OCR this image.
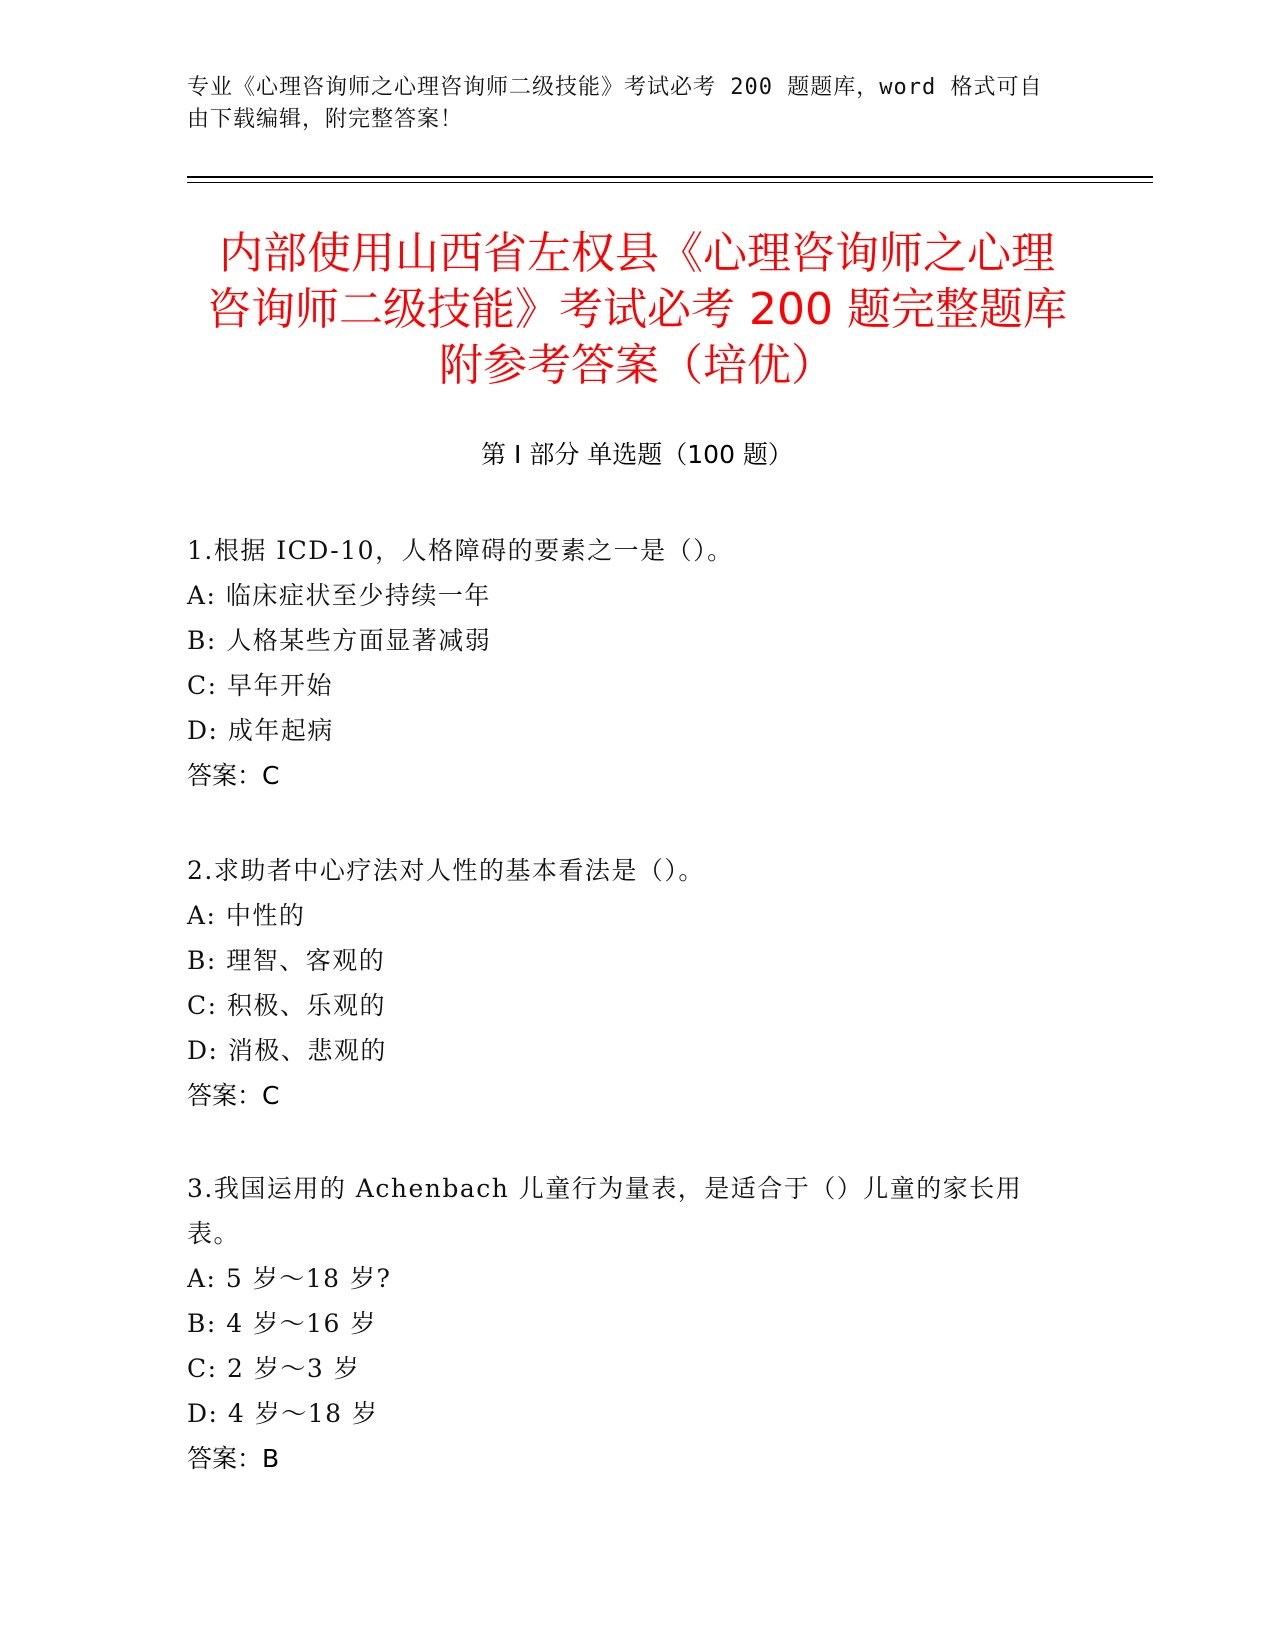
专业《心理咨询师之心理咨询师二级技能》考试必考 200 题题库，word 格式可自
由下载编辑，附完整答案！
内部使用山西省左权县《心理咨询师之心理
咨询师二级技能》考试必考 200 题完整题库
附参考答案（培优）
第 I 部分 单选题（100 题）

1.根据 ICD-10，人格障碍的要素之一是（）。

A: 临床症状至少持续一年

B: 人格某些方面显著减弱

C: 早年开始

D: 成年起病

答案：C

2.求助者中心疗法对人性的基本看法是（）。

A: 中性的

B: 理智、客观的

C: 积极、乐观的

D: 消极、悲观的

答案：C

3.我国运用的 Achenbach 儿童行为量表，是适合于（）儿童的家长用

表。

A: 5 岁～18 岁?

B: 4 岁～16 岁

C: 2 岁～3 岁

D: 4 岁～18 岁

答案：B
